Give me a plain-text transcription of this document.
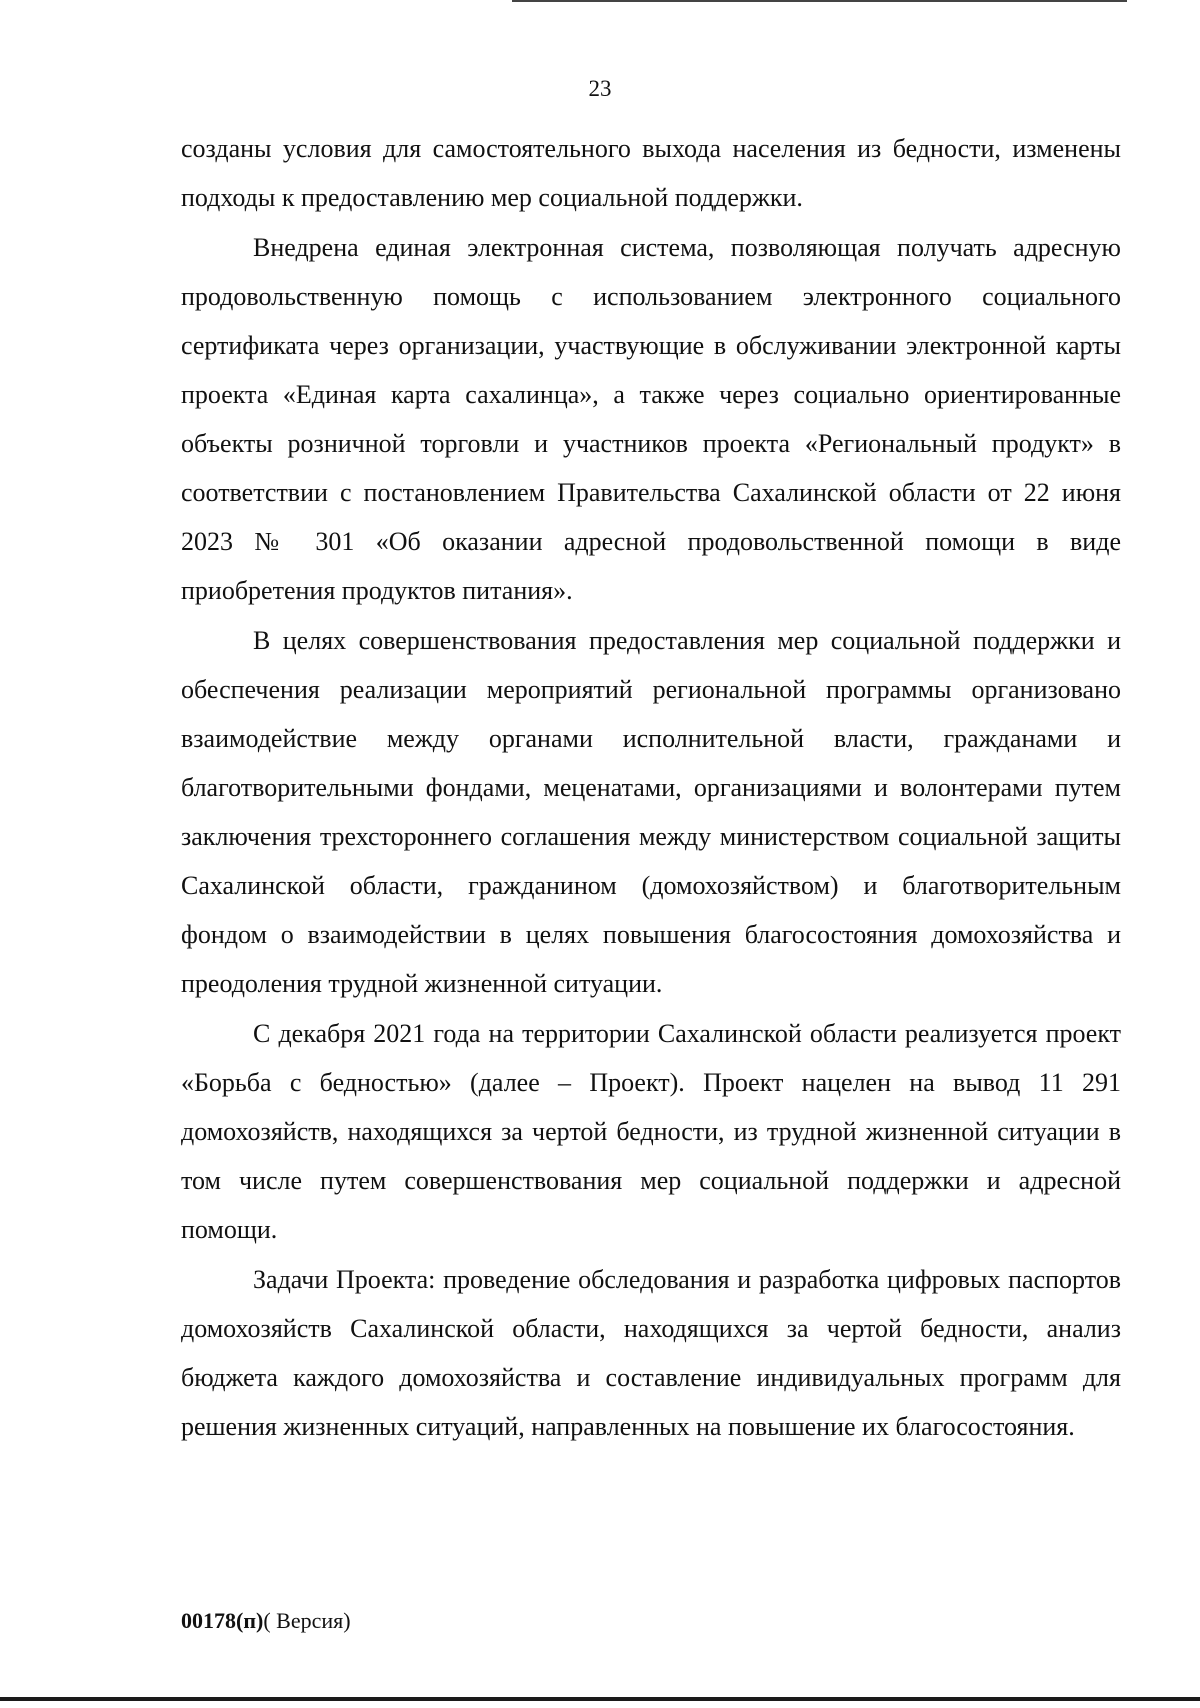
23

созданы условия для самостоятельного выхода населения из бедности, изменены подходы к предоставлению мер социальной поддержки.

Внедрена единая электронная система, позволяющая получать адресную продовольственную помощь с использованием электронного социального сертификата через организации, участвующие в обслуживании электронной карты проекта «Единая карта сахалинца», а также через социально ориентированные объекты розничной торговли и участников проекта «Региональный продукт» в соответствии с постановлением Правительства Сахалинской области от 22 июня 2023 № 301 «Об оказании адресной продовольственной помощи в виде приобретения продуктов питания».

В целях совершенствования предоставления мер социальной поддержки и обеспечения реализации мероприятий региональной программы организовано взаимодействие между органами исполнительной власти, гражданами и благотворительными фондами, меценатами, организациями и волонтерами путем заключения трехстороннего соглашения между министерством социальной защиты Сахалинской области, гражданином (домохозяйством) и благотворительным фондом о взаимодействии в целях повышения благосостояния домохозяйства и преодоления трудной жизненной ситуации.

С декабря 2021 года на территории Сахалинской области реализуется проект «Борьба с бедностью» (далее – Проект). Проект нацелен на вывод 11 291 домохозяйств, находящихся за чертой бедности, из трудной жизненной ситуации в том числе путем совершенствования мер социальной поддержки и адресной помощи.

Задачи Проекта: проведение обследования и разработка цифровых паспортов домохозяйств Сахалинской области, находящихся за чертой бедности, анализ бюджета каждого домохозяйства и составление индивидуальных программ для решения жизненных ситуаций, направленных на повышение их благосостояния.

00178(п)( Версия)
